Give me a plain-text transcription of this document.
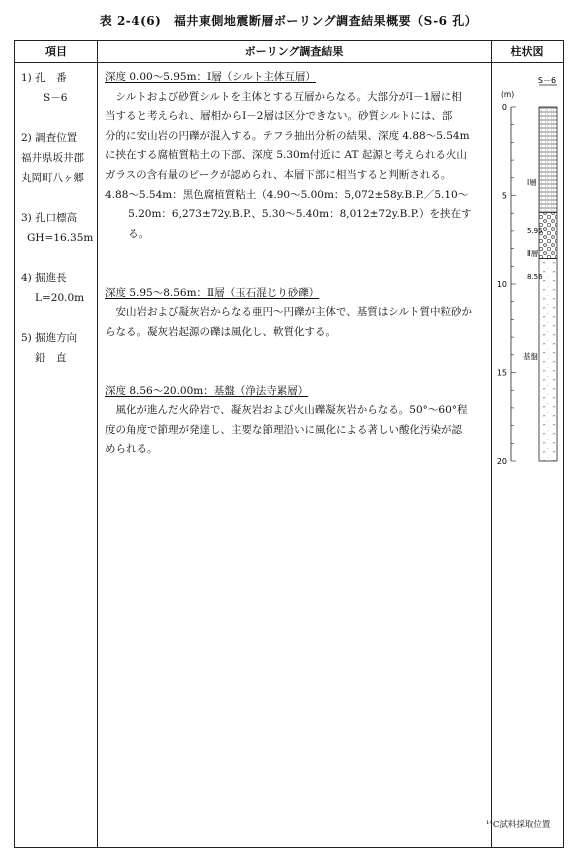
表 2-4(6)　福井東側地震断層ボーリング調査結果概要（S-6 孔）
項目	ボーリング調査結果	柱状図
1) 孔　番
S－6
2) 調査位置
福井県坂井郡
丸岡町八ヶ郷
3) 孔口標高
GH=16.35m
4) 掘進長
L=20.0m
5) 掘進方向
鉛　直
深度 0.00～5.95m：Ⅰ層（シルト主体互層）
シルトおよび砂質シルトを主体とする互層からなる。大部分がⅠ－1層に相
当すると考えられ、層相からⅠ－2層は区分できない。砂質シルトには、部
分的に安山岩の円礫が混入する。テフラ抽出分析の結果、深度 4.88～5.54m
に挟在する腐植質粘土の下部、深度 5.30m付近に AT 起源と考えられる火山
ガラスの含有量のピークが認められ、本層下部に相当すると判断される。
4.88～5.54m：黒色腐植質粘土（4.90～5.00m：5,072±58y.B.P.／5.10～
5.20m：6,273±72y.B.P.、5.30～5.40m：8,012±72y.B.P.）を挟在す
る。
深度 5.95～8.56m：Ⅱ層（玉石混じり砂礫）
安山岩および凝灰岩からなる亜円～円礫が主体で、基質はシルト質中粒砂か
らなる。凝灰岩起源の礫は風化し、軟質化する。
深度 8.56～20.00m：基盤（浄法寺累層）
風化が進んだ火砕岩で、凝灰岩および火山礫凝灰岩からなる。50°～60°程
度の角度で節理が発達し、主要な節理沿いに風化による著しい酸化汚染が認
められる。
S－6
(m)
0
5
10
15
20
Ⅰ層
Ⅱ層
基盤
5.95
8.56
¹⁴C試料採取位置
